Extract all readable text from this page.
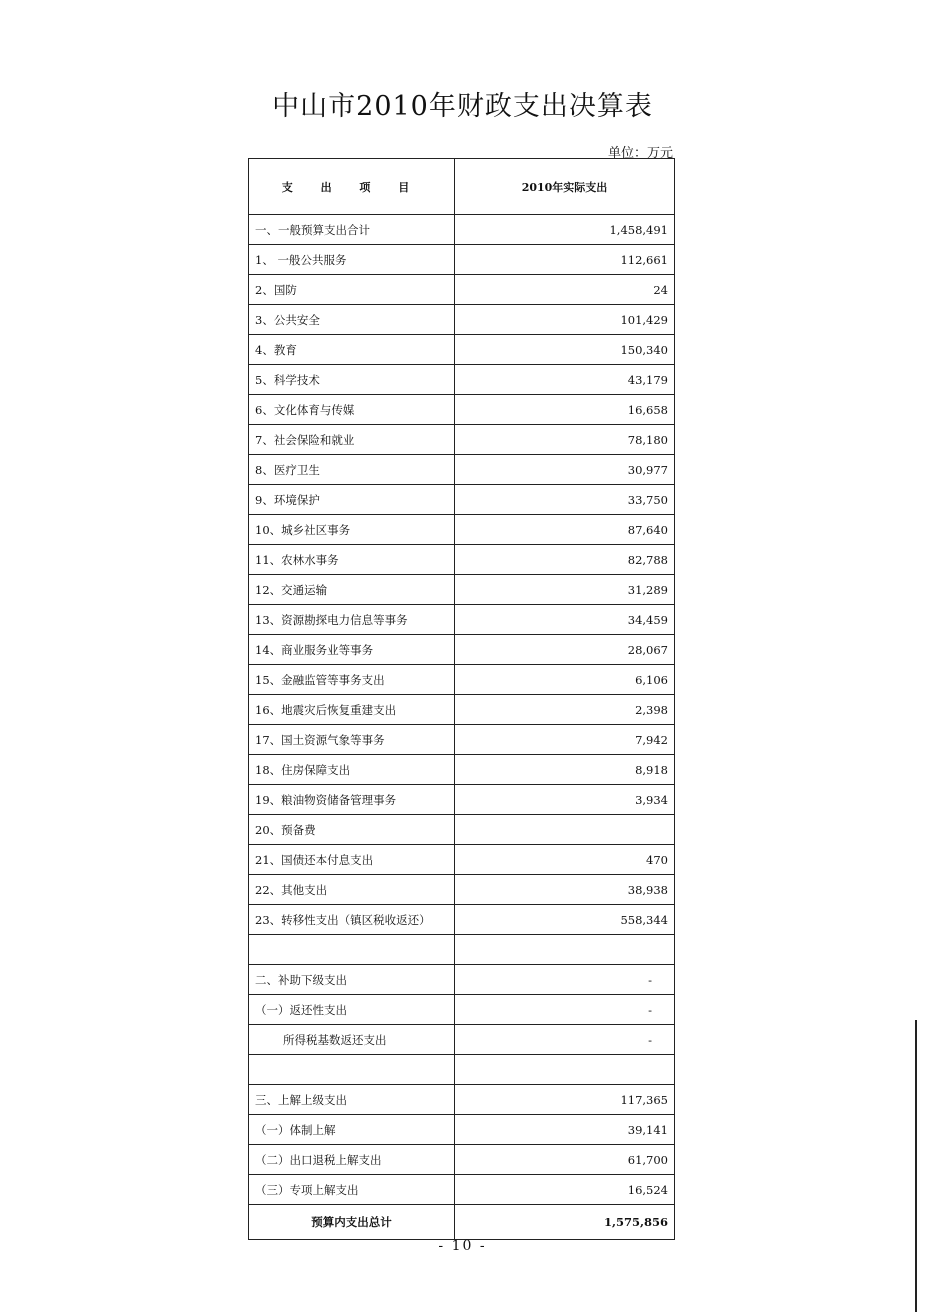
中山市2010年财政支出决算表
单位：万元
支 出 项 目	2010年实际支出
一、一般预算支出合计	1,458,491
1、 一般公共服务	112,661
2、国防	24
3、公共安全	101,429
4、教育	150,340
5、科学技术	43,179
6、文化体育与传媒	16,658
7、社会保险和就业	78,180
8、医疗卫生	30,977
9、环境保护	33,750
10、城乡社区事务	87,640
11、农林水事务	82,788
12、交通运输	31,289
13、资源勘探电力信息等事务	34,459
14、商业服务业等事务	28,067
15、金融监管等事务支出	6,106
16、地震灾后恢复重建支出	2,398
17、国土资源气象等事务	7,942
18、住房保障支出	8,918
19、粮油物资储备管理事务	3,934
20、预备费	
21、国债还本付息支出	470
22、其他支出	38,938
23、转移性支出（镇区税收返还）	558,344

二、补助下级支出	-
（一）返还性支出	-
所得税基数返还支出	-

三、上解上级支出	117,365
（一）体制上解	39,141
（二）出口退税上解支出	61,700
（三）专项上解支出	16,524
预算内支出总计	1,575,856
- 10 -
